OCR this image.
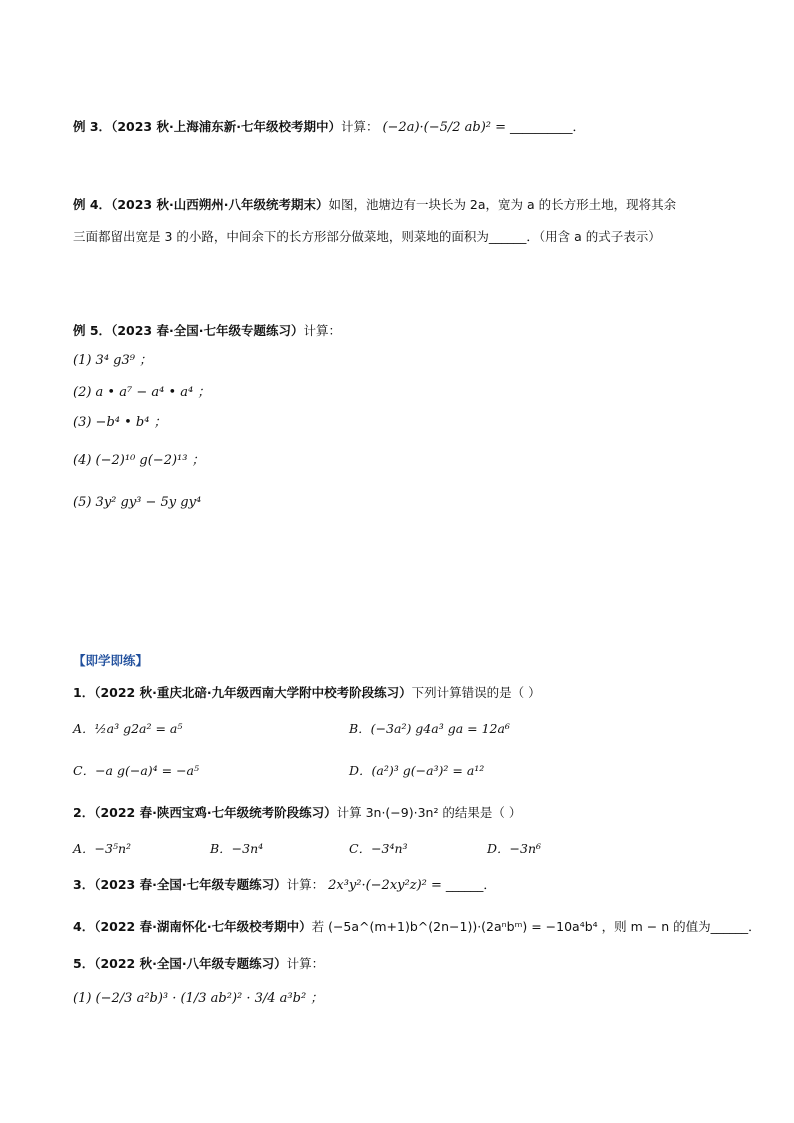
例 3．（2023 秋·上海浦东新·七年级校考期中）计算： (−2a)·(−5/2 ab)² = __________．
例 4．（2023 秋·山西朔州·八年级统考期末）如图，池塘边有一块长为 2a，宽为 a 的长方形土地，现将其余
三面都留出宽是 3 的小路，中间余下的长方形部分做菜地，则菜地的面积为______．（用含 a 的式子表示）
例 5．（2023 春·全国·七年级专题练习）计算：
(1) 3⁴ g3⁹ ；
(2) a • a⁷ − a⁴ • a⁴ ；
(3) −b⁴ • b⁴ ；
(4) (−2)¹⁰ g(−2)¹³ ；
(5) 3y² gy³ − 5y gy⁴
【即学即练】
1．（2022 秋·重庆北碚·九年级西南大学附中校考阶段练习）下列计算错误的是（ ）
A．½a³ g2a² = a⁵	B．(−3a²) g4a³ ga = 12a⁶
C．−a g(−a)⁴ = −a⁵	D．(a²)³ g(−a³)² = a¹²
2．（2022 春·陕西宝鸡·七年级统考阶段练习）计算 3n·(−9)·3n² 的结果是（ ）
A．−3⁵n²	B．−3n⁴	C．−3⁴n³	D．−3n⁶
3．（2023 春·全国·七年级专题练习）计算： 2x³y²·(−2xy²z)² = ______．
4．（2022 春·湖南怀化·七年级校考期中）若 (−5a^(m+1)b^(2n−1))·(2aⁿbᵐ) = −10a⁴b⁴ ，则 m − n 的值为______．
5．（2022 秋·全国·八年级专题练习）计算：
(1) (−2/3 a²b)³ · (1/3 ab²)² · 3/4 a³b² ；
